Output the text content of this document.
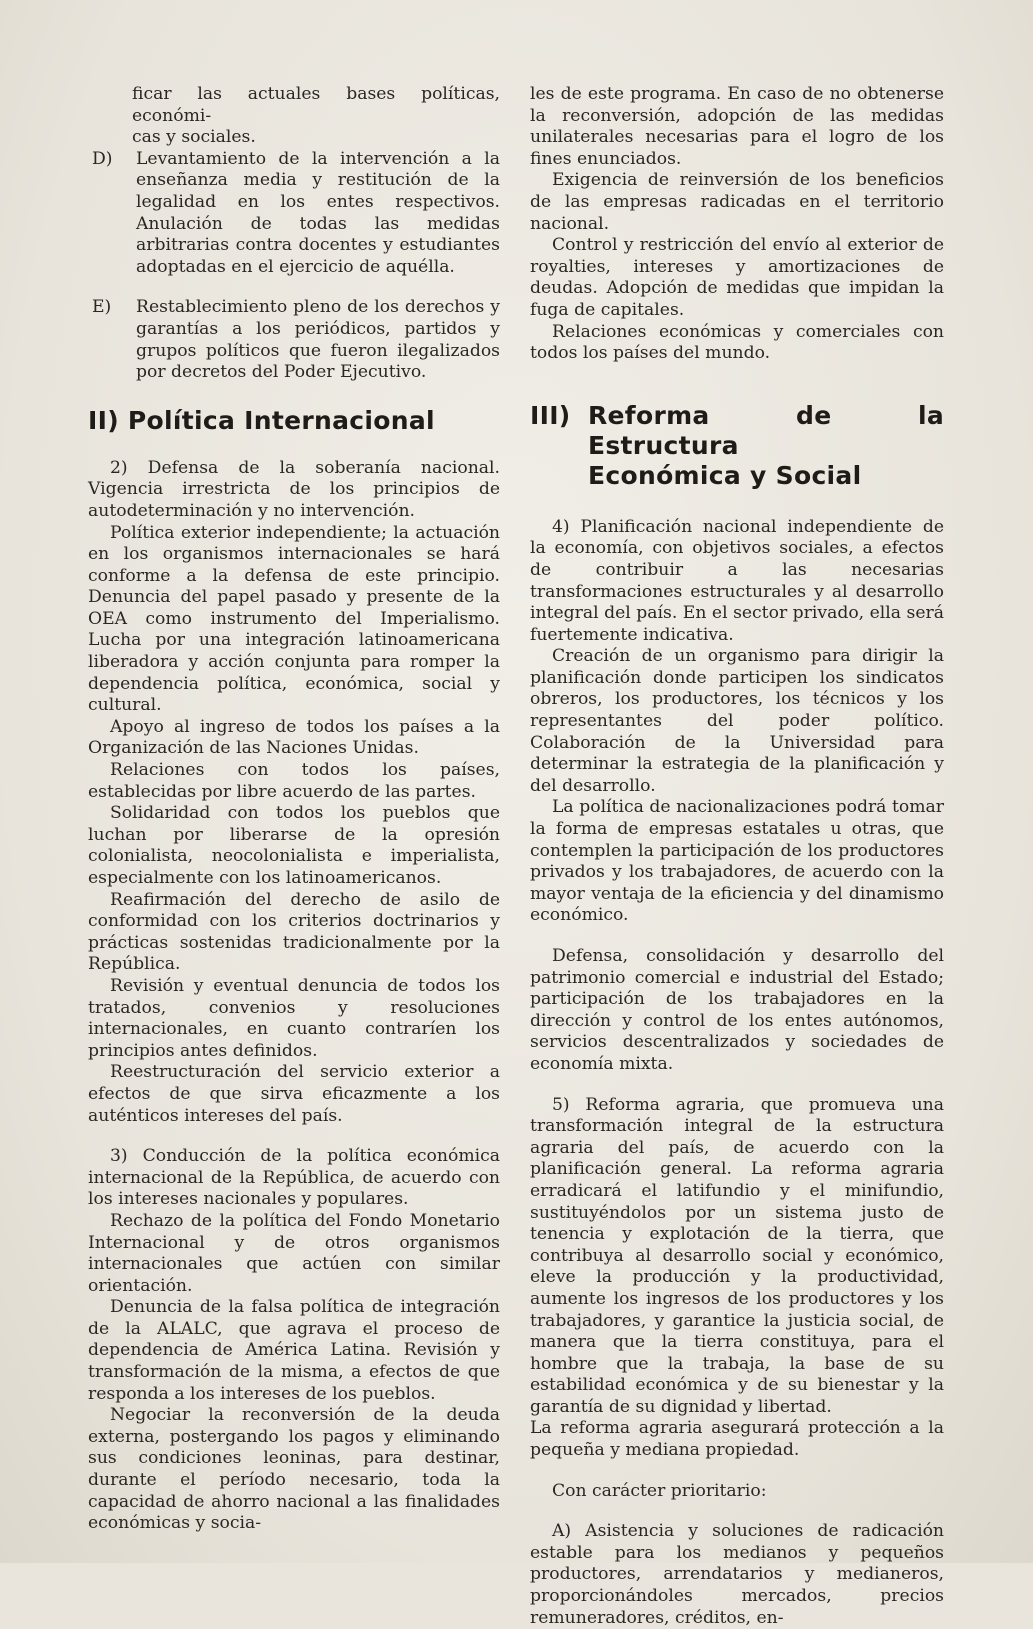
ficar las actuales bases políticas, económi-
cas y sociales.

D)	Levantamiento de la intervención a la enseñanza media y restitución de la legalidad en los entes respectivos. Anulación de todas las medidas arbitrarias contra docentes y estudiantes adoptadas en el ejercicio de aquélla.
E)	Restablecimiento pleno de los derechos y garantías a los periódicos, partidos y grupos políticos que fueron ilegalizados por decretos del Poder Ejecutivo.
II) Política Internacional

2) Defensa de la soberanía nacional. Vigencia irrestricta de los principios de autodeterminación y no intervención.

Política exterior independiente; la actuación en los organismos internacionales se hará conforme a la defensa de este principio. Denuncia del papel pasado y presente de la OEA como instrumento del Imperialismo. Lucha por una integración latinoamericana liberadora y acción conjunta para romper la dependencia política, económica, social y cultural.

Apoyo al ingreso de todos los países a la Organización de las Naciones Unidas.

Relaciones con todos los países, establecidas por libre acuerdo de las partes.

Solidaridad con todos los pueblos que luchan por liberarse de la opresión colonialista, neocolonialista e imperialista, especialmente con los latinoamericanos.

Reafirmación del derecho de asilo de conformidad con los criterios doctrinarios y prácticas sostenidas tradicionalmente por la República.

Revisión y eventual denuncia de todos los tratados, convenios y resoluciones internacionales, en cuanto contraríen los principios antes definidos.

Reestructuración del servicio exterior a efectos de que sirva eficazmente a los auténticos intereses del país.

3) Conducción de la política económica internacional de la República, de acuerdo con los intereses nacionales y populares.

Rechazo de la política del Fondo Monetario Internacional y de otros organismos internacionales que actúen con similar orientación.

Denuncia de la falsa política de integración de la ALALC, que agrava el proceso de dependencia de América Latina. Revisión y transformación de la misma, a efectos de que responda a los intereses de los pueblos.

Negociar la reconversión de la deuda externa, postergando los pagos y eliminando sus condiciones leoninas, para destinar, durante el período necesario, toda la capacidad de ahorro nacional a las finalidades económicas y socia-

les de este programa. En caso de no obtenerse la reconversión, adopción de las medidas unilaterales necesarias para el logro de los fines enunciados.

Exigencia de reinversión de los beneficios de las empresas radicadas en el territorio nacional.

Control y restricción del envío al exterior de royalties, intereses y amortizaciones de deudas. Adopción de medidas que impidan la fuga de capitales.

Relaciones económicas y comerciales con todos los países del mundo.

III) Reforma de la Estructura
Económica y Social

4) Planificación nacional independiente de la economía, con objetivos sociales, a efectos de contribuir a las necesarias transformaciones estructurales y al desarrollo integral del país. En el sector privado, ella será fuertemente indicativa.

Creación de un organismo para dirigir la planificación donde participen los sindicatos obreros, los productores, los técnicos y los representantes del poder político. Colaboración de la Universidad para determinar la estrategia de la planificación y del desarrollo.

La política de nacionalizaciones podrá tomar la forma de empresas estatales u otras, que contemplen la participación de los productores privados y los trabajadores, de acuerdo con la mayor ventaja de la eficiencia y del dinamismo económico.

Defensa, consolidación y desarrollo del patrimonio comercial e industrial del Estado; participación de los trabajadores en la dirección y control de los entes autónomos, servicios descentralizados y sociedades de economía mixta.

5) Reforma agraria, que promueva una transformación integral de la estructura agraria del país, de acuerdo con la planificación general. La reforma agraria erradicará el latifundio y el minifundio, sustituyéndolos por un sistema justo de tenencia y explotación de la tierra, que contribuya al desarrollo social y económico, eleve la producción y la productividad, aumente los ingresos de los productores y los trabajadores, y garantice la justicia social, de manera que la tierra constituya, para el hombre que la trabaja, la base de su estabilidad económica y de su bienestar y la garantía de su dignidad y libertad.

La reforma agraria asegurará protección a la pequeña y mediana propiedad.

Con carácter prioritario:

A) Asistencia y soluciones de radicación estable para los medianos y pequeños productores, arrendatarios y medianeros, proporcionándoles mercados, precios remuneradores, créditos, en-
